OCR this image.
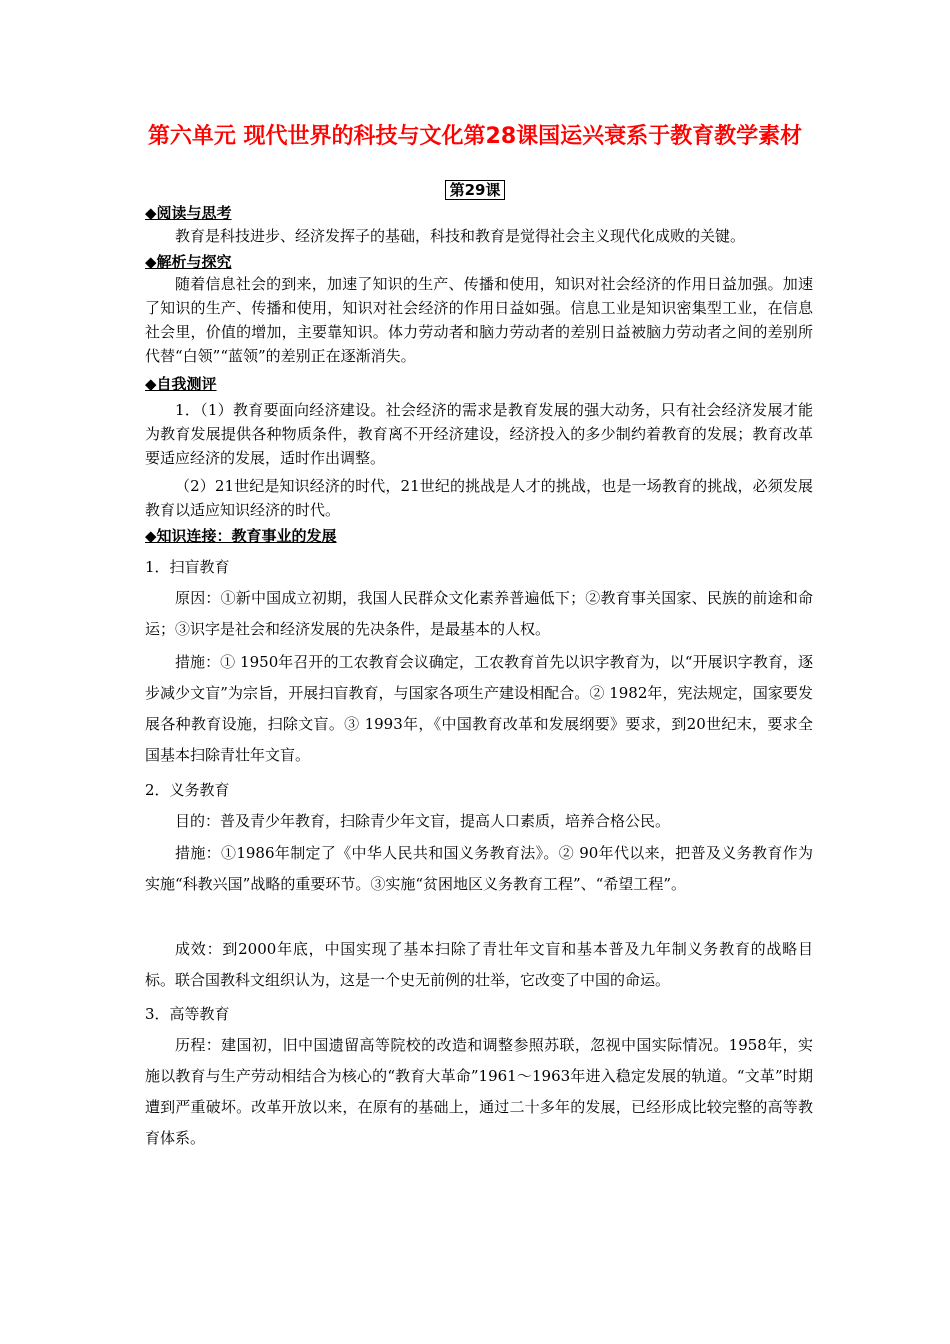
第六单元 现代世界的科技与文化第28课国运兴衰系于教育教学素材
第29课
◆阅读与思考
教育是科技进步、经济发挥子的基础，科技和教育是觉得社会主义现代化成败的关键。
◆解析与探究
随着信息社会的到来，加速了知识的生产、传播和使用，知识对社会经济的作用日益加强。加速了知识的生产、传播和使用，知识对社会经济的作用日益如强。信息工业是知识密集型工业，在信息社会里，价值的增加，主要靠知识。体力劳动者和脑力劳动者的差别日益被脑力劳动者之间的差别所代替“白领”“蓝领”的差别正在逐渐消失。
◆自我测评
1．（1）教育要面向经济建设。社会经济的需求是教育发展的强大动务，只有社会经济发展才能为教育发展提供各种物质条件，教育离不开经济建设，经济投入的多少制约着教育的发展；教育改革要适应经济的发展，适时作出调整。
（2）21世纪是知识经济的时代，21世纪的挑战是人才的挑战，也是一场教育的挑战，必须发展教育以适应知识经济的时代。
◆知识连接：教育事业的发展
1．扫盲教育
原因：①新中国成立初期，我国人民群众文化素养普遍低下；②教育事关国家、民族的前途和命运；③识字是社会和经济发展的先决条件，是最基本的人权。
措施：① 1950年召开的工农教育会议确定，工农教育首先以识字教育为，以“开展识字教育，逐步减少文盲”为宗旨，开展扫盲教育，与国家各项生产建设相配合。② 1982年，宪法规定，国家要发展各种教育设施，扫除文盲。③ 1993年，《中国教育改革和发展纲要》要求，到20世纪末，要求全国基本扫除青壮年文盲。
2．义务教育
目的：普及青少年教育，扫除青少年文盲，提高人口素质，培养合格公民。
措施：①1986年制定了《中华人民共和国义务教育法》。② 90年代以来，把普及义务教育作为实施“科教兴国”战略的重要环节。③实施“贫困地区义务教育工程”、“希望工程”。
成效：到2000年底，中国实现了基本扫除了青壮年文盲和基本普及九年制义务教育的战略目标。联合国教科文组织认为，这是一个史无前例的壮举，它改变了中国的命运。
3．高等教育
历程：建国初，旧中国遗留高等院校的改造和调整参照苏联，忽视中国实际情况。1958年，实施以教育与生产劳动相结合为核心的“教育大革命”1961～1963年进入稳定发展的轨道。“文革”时期遭到严重破坏。改革开放以来，在原有的基础上，通过二十多年的发展，已经形成比较完整的高等教育体系。
